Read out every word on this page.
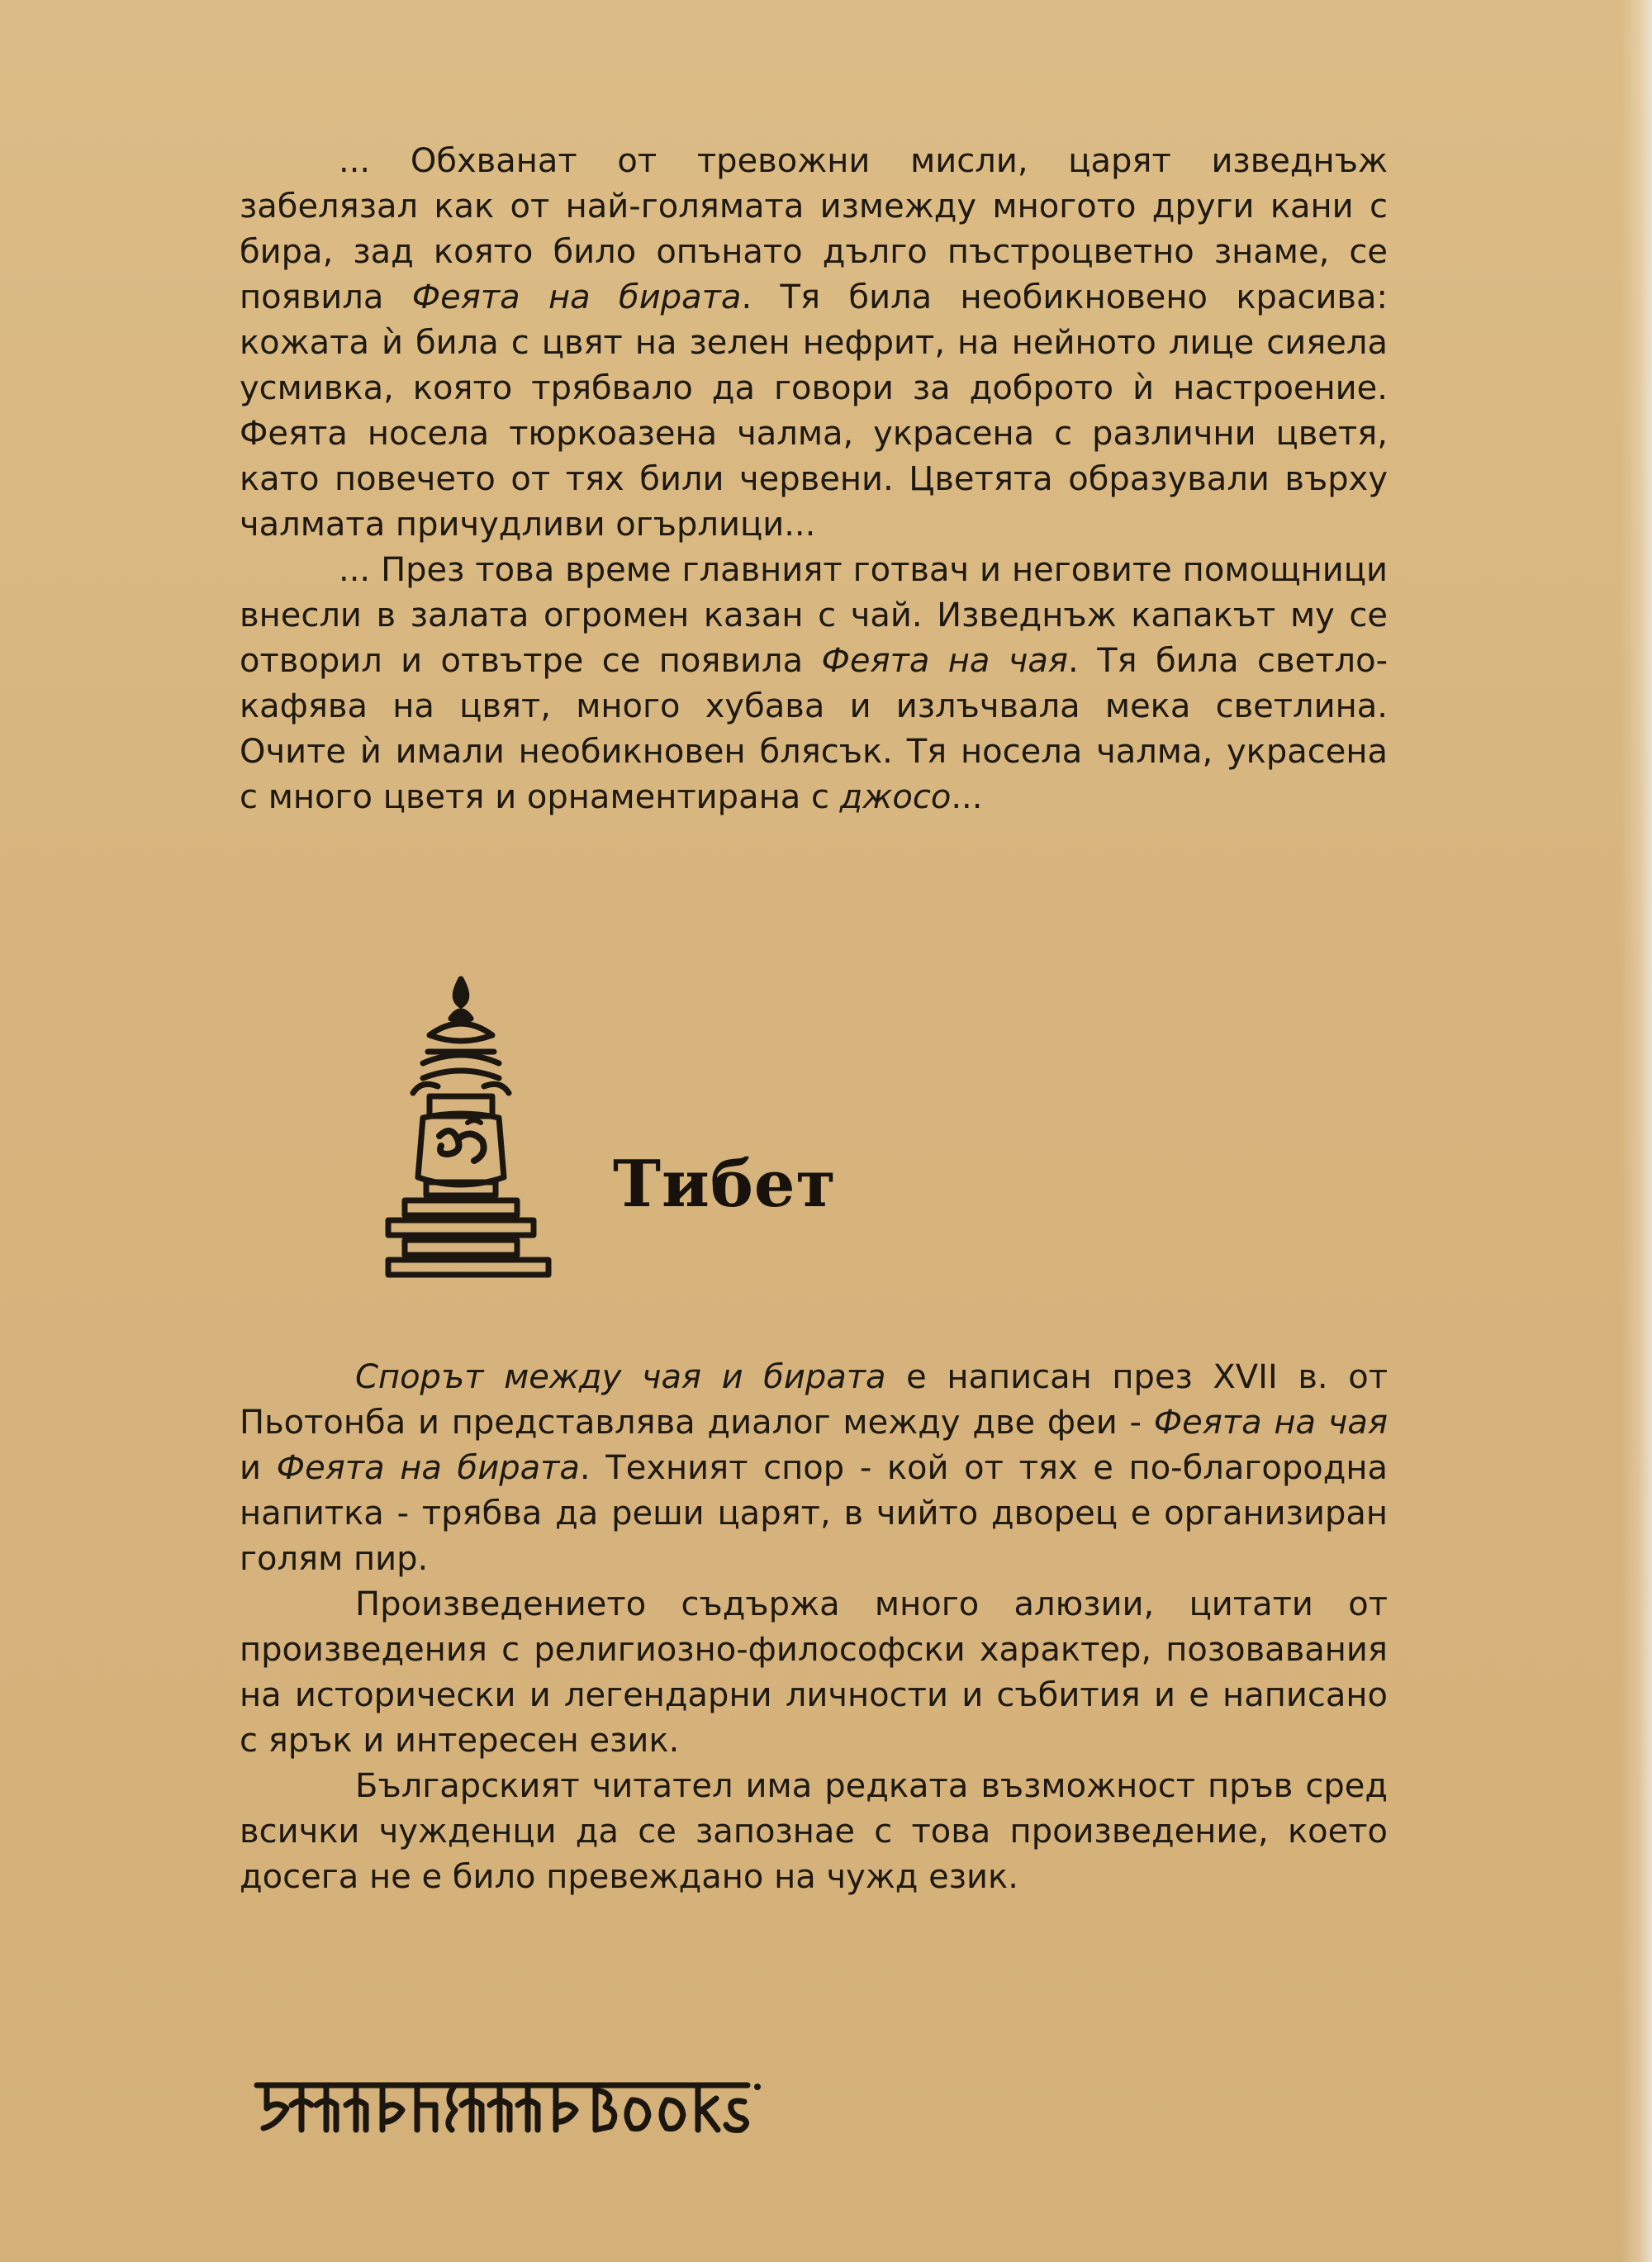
... Обхванат от тревожни мисли, царят изведнъж забелязал как от най-голямата измежду многото други кани с бира, зад която било опънато дълго пъстроцветно знаме, се появила Феята на бирата. Тя била необикновено красива: кожата ѝ била с цвят на зелен нефрит, на нейното лице сияела усмивка, която трябвало да говори за доброто ѝ настроение. Феята носела тюркоазена чалма, украсена с различни цветя, като повечето от тях били червени. Цветята образували върху чалмата причудливи огърлици...

... През това време главният готвач и неговите помощници внесли в залата огромен казан с чай. Изведнъж капакът му се отворил и отвътре се появила Феята на чая. Тя била светло-кафява на цвят, много хубава и излъчвала мека светлина. Очите ѝ имали необикновен блясък. Тя носела чалма, украсена с много цветя и орнаментирана с джосо...

Тибет

Спорът между чая и бирата е написан през XVII в. от Пьотонба и представлява диалог между две феи - Феята на чая и Феята на бирата. Техният спор - кой от тях е по-благородна напитка - трябва да реши царят, в чийто дворец е организиран голям пир.

Произведението съдържа много алюзии, цитати от произведения с религиозно-философски характер, позовавания на исторически и легендарни личности и събития и е написано с ярък и интересен език.

Българският читател има редката възможност пръв сред всички чужденци да се запознае с това произведение, което досега не е било превеждано на чужд език.
